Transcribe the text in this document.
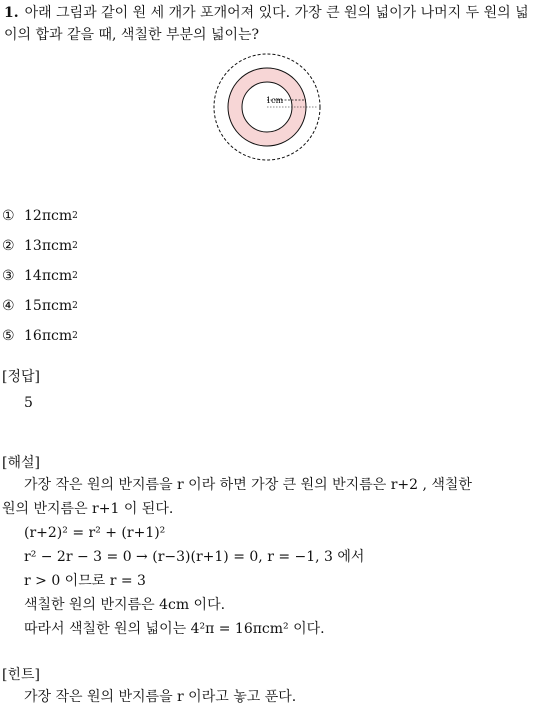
1. 아래 그림과 같이 원 세 개가 포개어져 있다. 가장 큰 원의 넓이가 나머지 두 원의 넓이의 합과 같을 때, 색칠한 부분의 넓이는?
1cm
① 12πcm 2
② 13πcm 2
③ 14πcm 2
④ 15πcm 2
⑤ 16πcm 2
[정답]
5
[해설]
가장 작은 원의 반지름을 r 이라 하면 가장 큰 원의 반지름은 r+2 , 색칠한
원의 반지름은 r+1 이 된다.
(r+2)² = r² + (r+1)²
r² − 2r − 3 = 0 → (r−3)(r+1) = 0, r = −1, 3 에서
r > 0 이므로 r = 3
색칠한 원의 반지름은 4cm 이다.
따라서 색칠한 원의 넓이는 4²π = 16πcm² 이다.
[힌트]
가장 작은 원의 반지름을 r 이라고 놓고 푼다.
